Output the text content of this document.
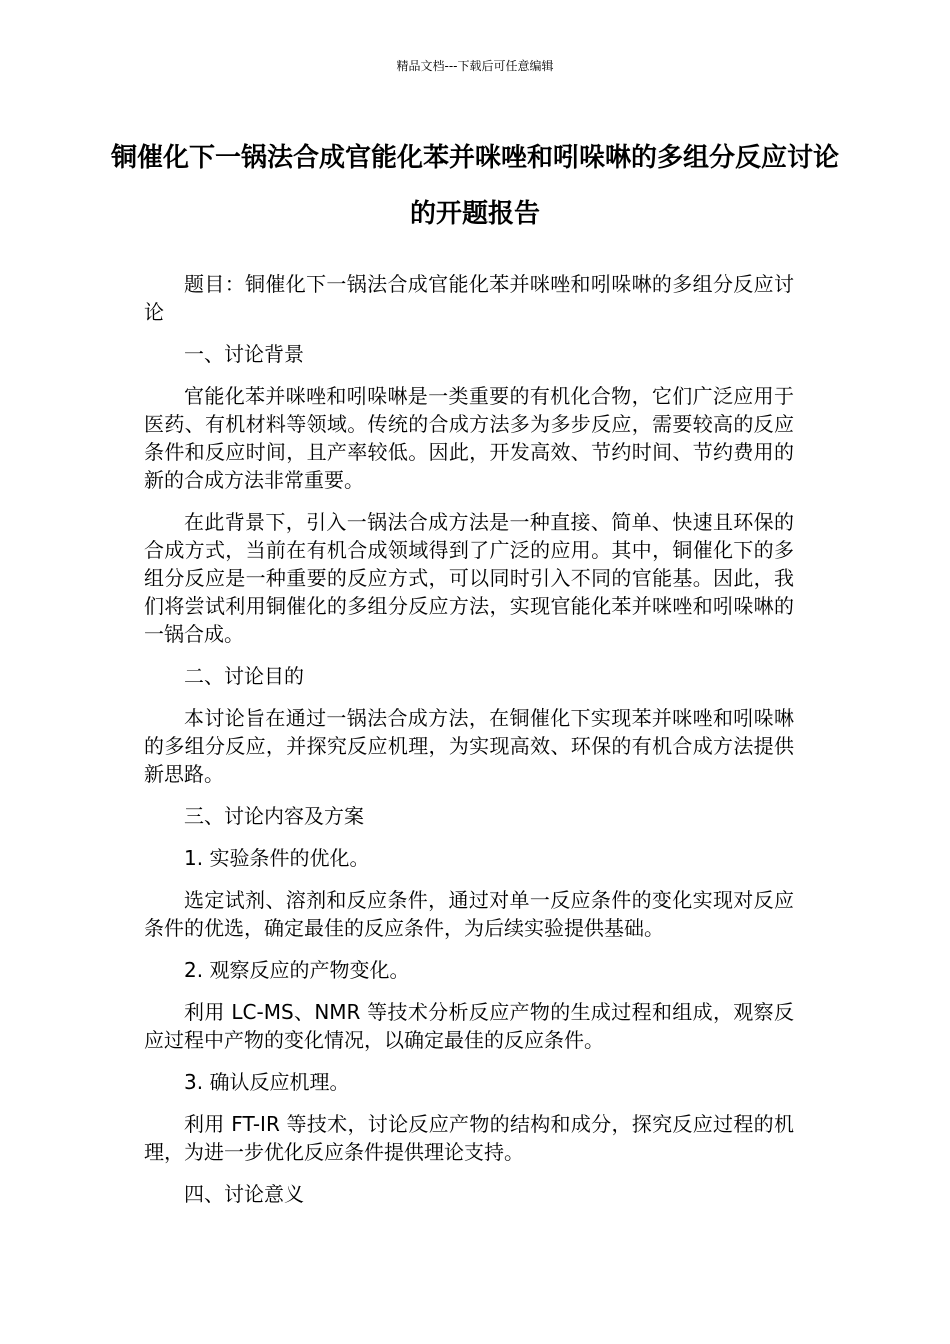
精品文档---下载后可任意编辑
铜催化下一锅法合成官能化苯并咪唑和吲哚啉的多组分反应讨论的开题报告

题目：铜催化下一锅法合成官能化苯并咪唑和吲哚啉的多组分反应讨论

一、讨论背景

官能化苯并咪唑和吲哚啉是一类重要的有机化合物，它们广泛应用于医药、有机材料等领域。传统的合成方法多为多步反应，需要较高的反应条件和反应时间，且产率较低。因此，开发高效、节约时间、节约费用的新的合成方法非常重要。

在此背景下，引入一锅法合成方法是一种直接、简单、快速且环保的合成方式，当前在有机合成领域得到了广泛的应用。其中，铜催化下的多组分反应是一种重要的反应方式，可以同时引入不同的官能基。因此，我们将尝试利用铜催化的多组分反应方法，实现官能化苯并咪唑和吲哚啉的一锅合成。

二、讨论目的

本讨论旨在通过一锅法合成方法，在铜催化下实现苯并咪唑和吲哚啉的多组分反应，并探究反应机理，为实现高效、环保的有机合成方法提供新思路。

三、讨论内容及方案

1. 实验条件的优化。

选定试剂、溶剂和反应条件，通过对单一反应条件的变化实现对反应条件的优选，确定最佳的反应条件，为后续实验提供基础。

2. 观察反应的产物变化。

利用 LC-MS、NMR 等技术分析反应产物的生成过程和组成，观察反应过程中产物的变化情况，以确定最佳的反应条件。

3. 确认反应机理。

利用 FT-IR 等技术，讨论反应产物的结构和成分，探究反应过程的机理，为进一步优化反应条件提供理论支持。

四、讨论意义
